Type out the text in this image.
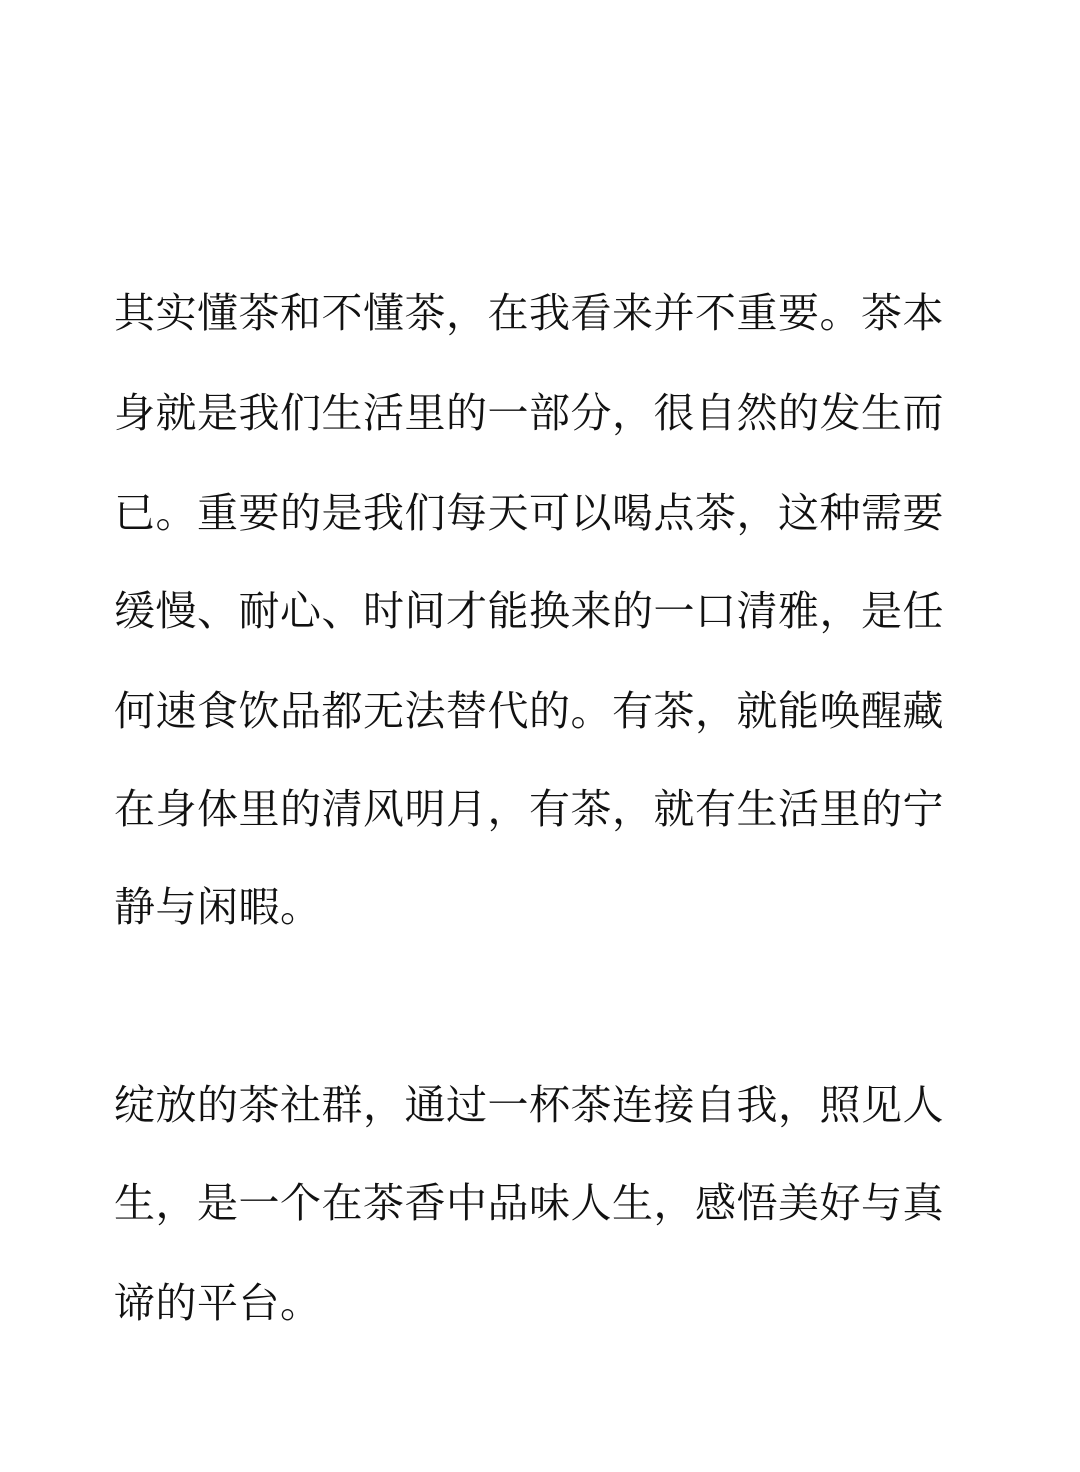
其实懂茶和不懂茶，在我看来并不重要。茶本
身就是我们生活里的一部分，很自然的发生而
已。重要的是我们每天可以喝点茶，这种需要
缓慢、耐心、时间才能换来的一口清雅，是任
何速食饮品都无法替代的。有茶，就能唤醒藏
在身体里的清风明月，有茶，就有生活里的宁
静与闲暇。
绽放的茶社群，通过一杯茶连接自我，照见人
生，是一个在茶香中品味人生，感悟美好与真
谛的平台。
